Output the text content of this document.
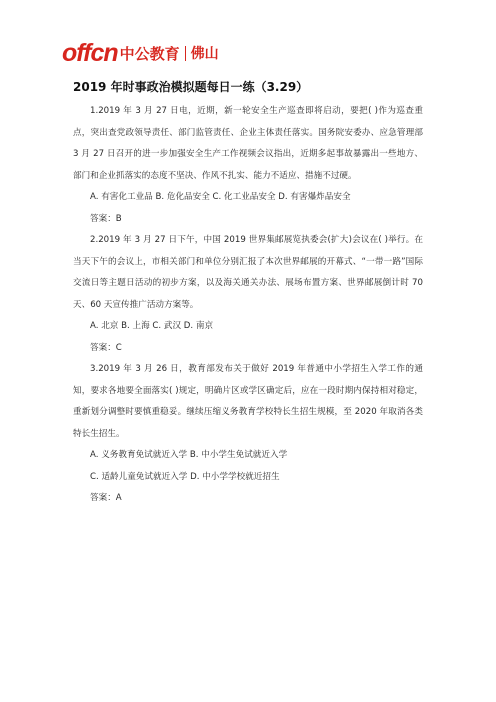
offcn 中公教育 佛山
2019 年时事政治模拟题每日一练（3.29）

1.2019 年 3 月 27 日电，近期，新一轮安全生产巡查即将启动，要把( )作为巡查重点，突出查党政领导责任、部门监管责任、企业主体责任落实。国务院安委办、应急管理部 3 月 27 日召开的进一步加强安全生产工作视频会议指出，近期多起事故暴露出一些地方、部门和企业抓落实的态度不坚决、作风不扎实、能力不适应、措施不过硬。

A. 有害化工业品 B. 危化品安全 C. 化工业品安全 D. 有害爆炸品安全

答案：B

2.2019 年 3 月 27 日下午，中国 2019 世界集邮展览执委会(扩大)会议在( )举行。在当天下午的会议上，市相关部门和单位分别汇报了本次世界邮展的开幕式、“一带一路”国际交流日等主题日活动的初步方案，以及海关通关办法、展场布置方案、世界邮展倒计时 70 天、60 天宣传推广活动方案等。

A. 北京 B. 上海 C. 武汉 D. 南京

答案：C

3.2019 年 3 月 26 日，教育部发布关于做好 2019 年普通中小学招生入学工作的通知，要求各地要全面落实( )规定，明确片区或学区确定后，应在一段时期内保持相对稳定，重新划分调整时要慎重稳妥。继续压缩义务教育学校特长生招生规模，至 2020 年取消各类特长生招生。

A. 义务教育免试就近入学 B. 中小学生免试就近入学

C. 适龄儿童免试就近入学 D. 中小学学校就近招生

答案：A
